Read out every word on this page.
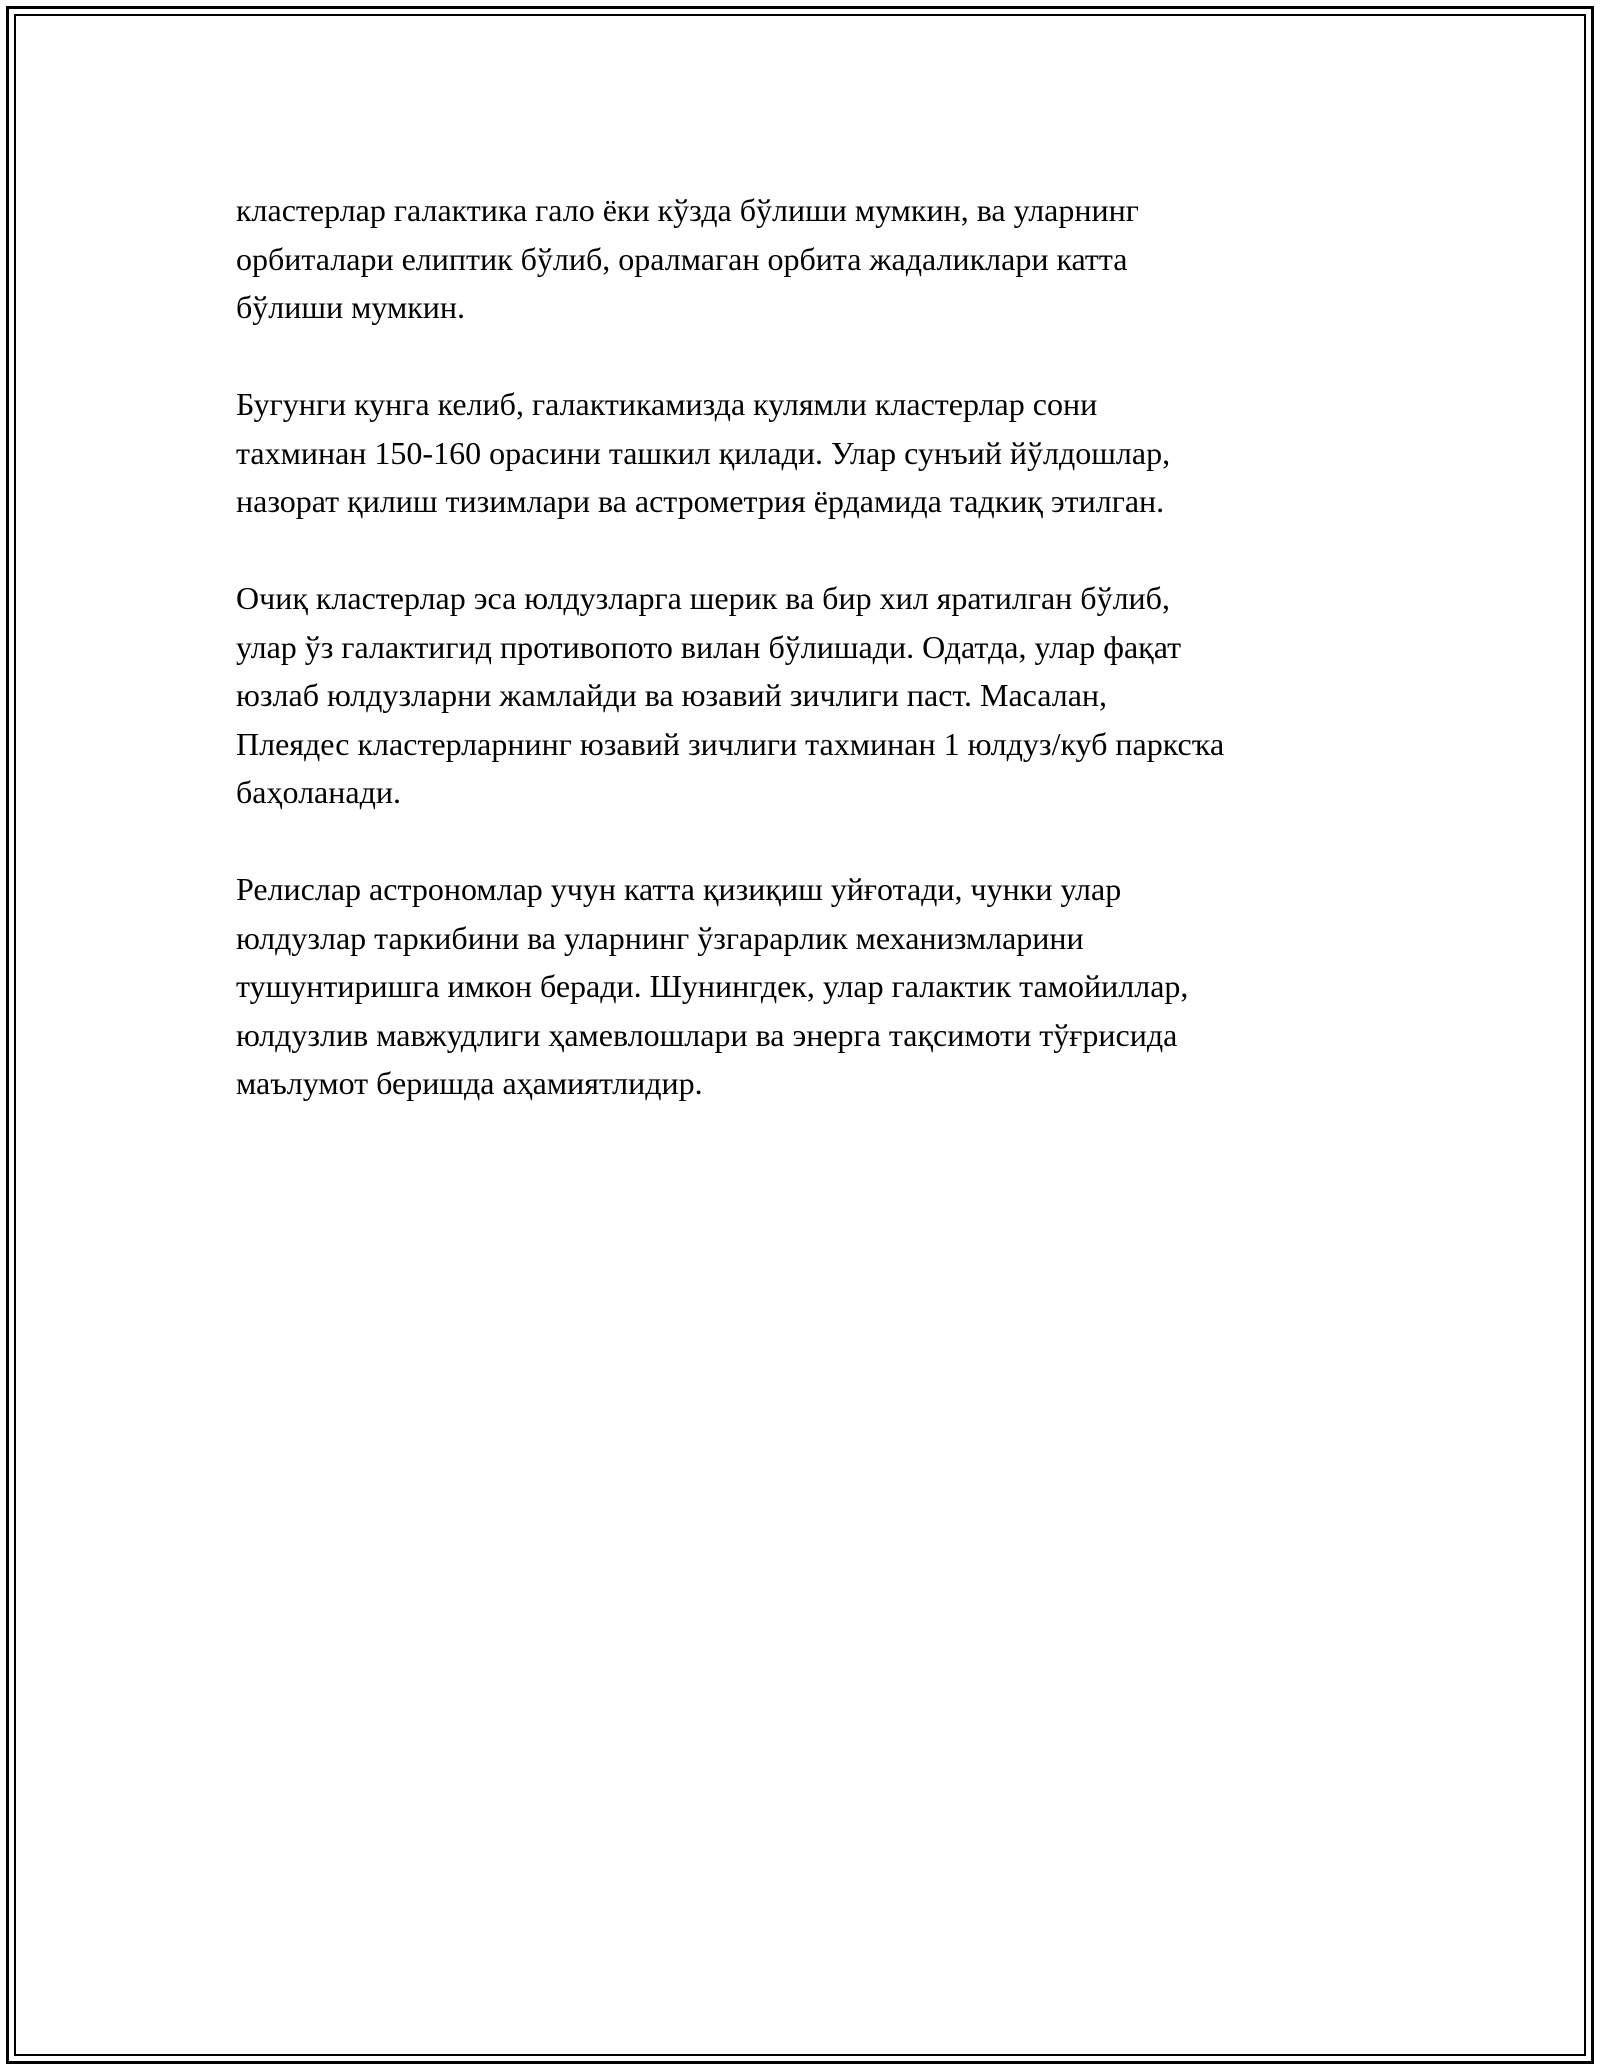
кластерлар галактика гало ёки кўзда бўлиши мумкин, ва уларнинг
орбиталари елиптик бўлиб, оралмаган орбита жадаликлари катта
бўлиши мумкин.

Бугунги кунга келиб, галактикамизда кулямли кластерлар сони
тахминан 150-160 орасини ташкил қилади. Улар сунъий йўлдошлар,
назорат қилиш тизимлари ва астрометрия ёрдамида тадкиқ этилган.

Очиқ кластерлар эса юлдузларга шерик ва бир хил яратилган бўлиб,
улар ўз галактигид противопото вилан бўлишади. Одатда, улар фақат
юзлаб юлдузларни жамлайди ва юзавий зичлиги паст. Масалан,
Плеядес кластерларнинг юзавий зичлиги тахминан 1 юлдуз/куб парксҡа
баҳоланади.

Релислар астрономлар учун катта қизиқиш уйғотади, чунки улар
юлдузлар таркибини ва уларнинг ўзгарарлик механизмларини
тушунтиришга имкон беради. Шунингдек, улар галактик тамойиллар,
юлдузлив мавжудлиги ҳамевлошлари ва энерга тақсимоти тўғрисида
маълумот беришда аҳамиятлидир.
